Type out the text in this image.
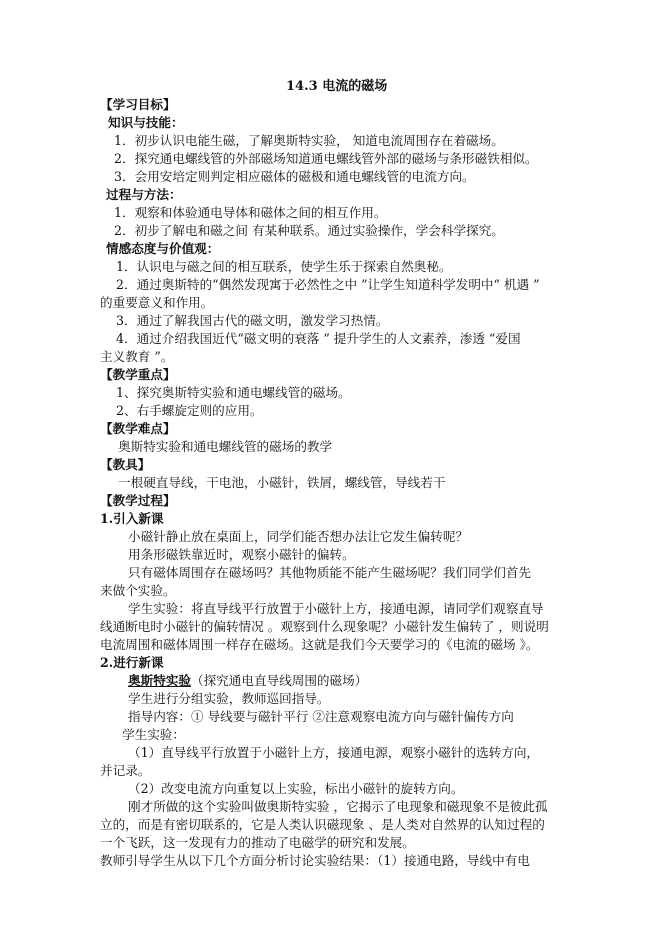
14.3 电流的磁场
【学习目标】
知识与技能：
1．初步认识电能生磁，了解奥斯特实验， 知道电流周围存在着磁场。
2．探究通电螺线管的外部磁场知道通电螺线管外部的磁场与条形磁铁相似。
3．会用安培定则判定相应磁体的磁极和通电螺线管的电流方向。
过程与方法：
1．观察和体验通电导体和磁体之间的相互作用。
2．初步了解电和磁之间 有某种联系。通过实验操作，学会科学探究。
情感态度与价值观：
1．认识电与磁之间的相互联系，使学生乐于探索自然奥秘。
2．通过奥斯特的“偶然发现寓于必然性之中 ”让学生知道科学发明中“ 机遇 ”
的重要意义和作用。
3．通过了解我国古代的磁文明，激发学习热情。
4．通过介绍我国近代“磁文明的衰落 ” 提升学生的人文素养，渗透 “爱国
主义教育 ”。
【教学重点】
1、探究奥斯特实验和通电螺线管的磁场。
2、右手螺旋定则的应用。
【教学难点】
奥斯特实验和通电螺线管的磁场的教学
【教具】
一根硬直导线，干电池，小磁针，铁屑，螺线管，导线若干
【教学过程】
1.引入新课
小磁针静止放在桌面上，同学们能否想办法让它发生偏转呢？
用条形磁铁靠近时，观察小磁针的偏转。
只有磁体周围存在磁场吗？其他物质能不能产生磁场呢？我们同学们首先
来做个实验。
学生实验：将直导线平行放置于小磁针上方，接通电源，请同学们观察直导
线通断电时小磁针的偏转情况 。观察到什么现象呢？小磁针发生偏转了 ，则说明
电流周围和磁体周围一样存在磁场。这就是我们今天要学习的《电流的磁场 》。
2.进行新课
奥斯特实验（探究通电直导线周围的磁场）
学生进行分组实验，教师巡回指导。
指导内容：① 导线要与磁针平行 ②注意观察电流方向与磁针偏传方向
学生实验：
（1）直导线平行放置于小磁针上方，接通电源，观察小磁针的选转方向，
并记录。
（2）改变电流方向重复以上实验，标出小磁针的旋转方向。
刚才所做的这个实验叫做奥斯特实验 ，它揭示了电现象和磁现象不是彼此孤
立的，而是有密切联系的，它是人类认识磁现象 、是人类对自然界的认知过程的
一个飞跃，这一发现有力的推动了电磁学的研究和发展。
教师引导学生从以下几个方面分析讨论实验结果：（1）接通电路，导线中有电
